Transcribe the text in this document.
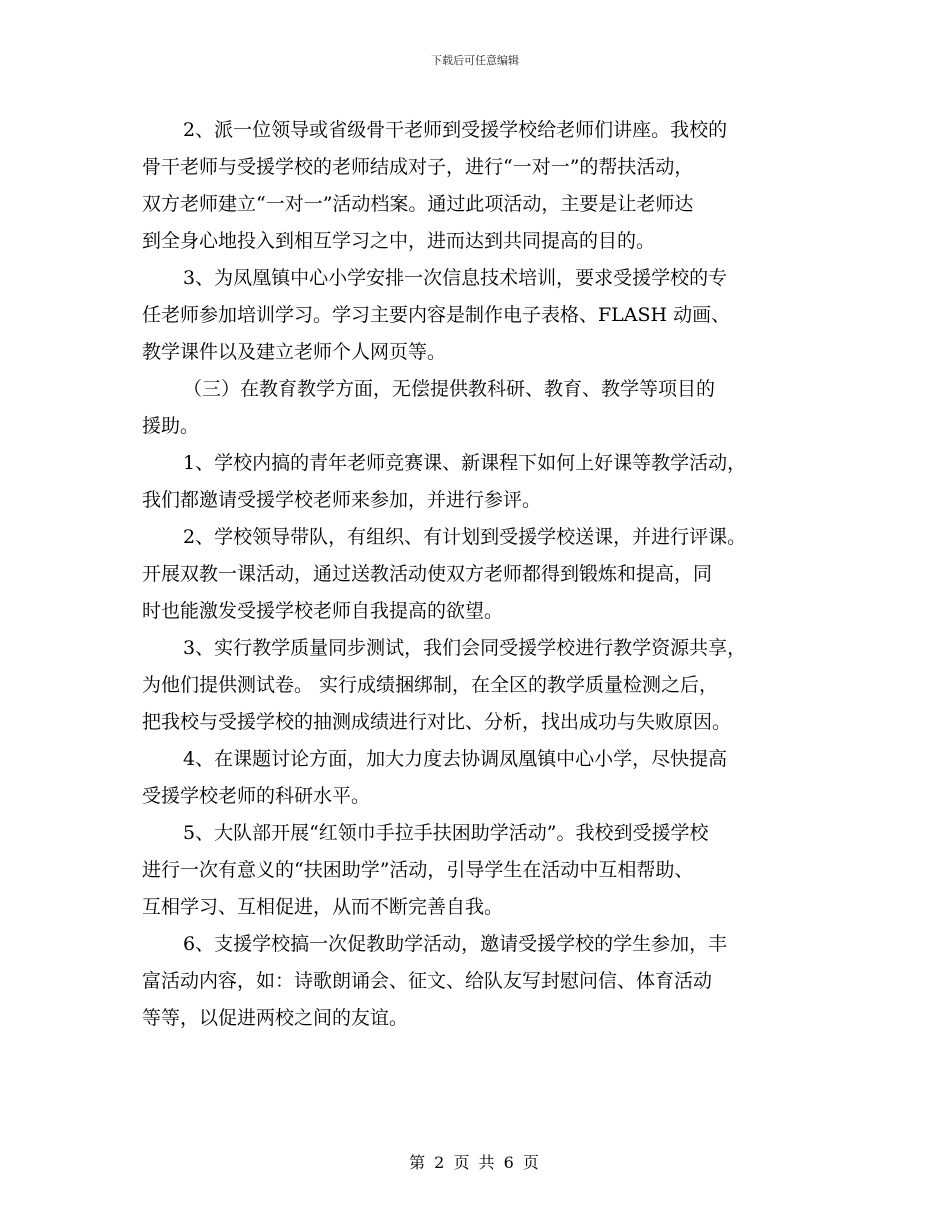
下载后可任意编辑
2、派一位领导或省级骨干老师到受援学校给老师们讲座。我校的
骨干老师与受援学校的老师结成对子，进行“一对一”的帮扶活动，
双方老师建立“一对一”活动档案。通过此项活动，主要是让老师达
到全身心地投入到相互学习之中，进而达到共同提高的目的。
3、为凤凰镇中心小学安排一次信息技术培训，要求受援学校的专
任老师参加培训学习。学习主要内容是制作电子表格、FLASH 动画、
教学课件以及建立老师个人网页等。
（三）在教育教学方面，无偿提供教科研、教育、教学等项目的
援助。
1、学校内搞的青年老师竞赛课、新课程下如何上好课等教学活动，
我们都邀请受援学校老师来参加，并进行参评。
2、学校领导带队，有组织、有计划到受援学校送课，并进行评课。
开展双教一课活动，通过送教活动使双方老师都得到锻炼和提高，同
时也能激发受援学校老师自我提高的欲望。
3、实行教学质量同步测试，我们会同受援学校进行教学资源共享，
为他们提供测试卷。 实行成绩捆绑制，在全区的教学质量检测之后，
把我校与受援学校的抽测成绩进行对比、分析，找出成功与失败原因。
4、在课题讨论方面，加大力度去协调凤凰镇中心小学，尽快提高
受援学校老师的科研水平。
5、大队部开展“红领巾手拉手扶困助学活动”。我校到受援学校
进行一次有意义的“扶困助学”活动，引导学生在活动中互相帮助、
互相学习、互相促进，从而不断完善自我。
6、支援学校搞一次促教助学活动，邀请受援学校的学生参加，丰
富活动内容，如：诗歌朗诵会、征文、给队友写封慰问信、体育活动
等等，以促进两校之间的友谊。
第 2 页 共 6 页
